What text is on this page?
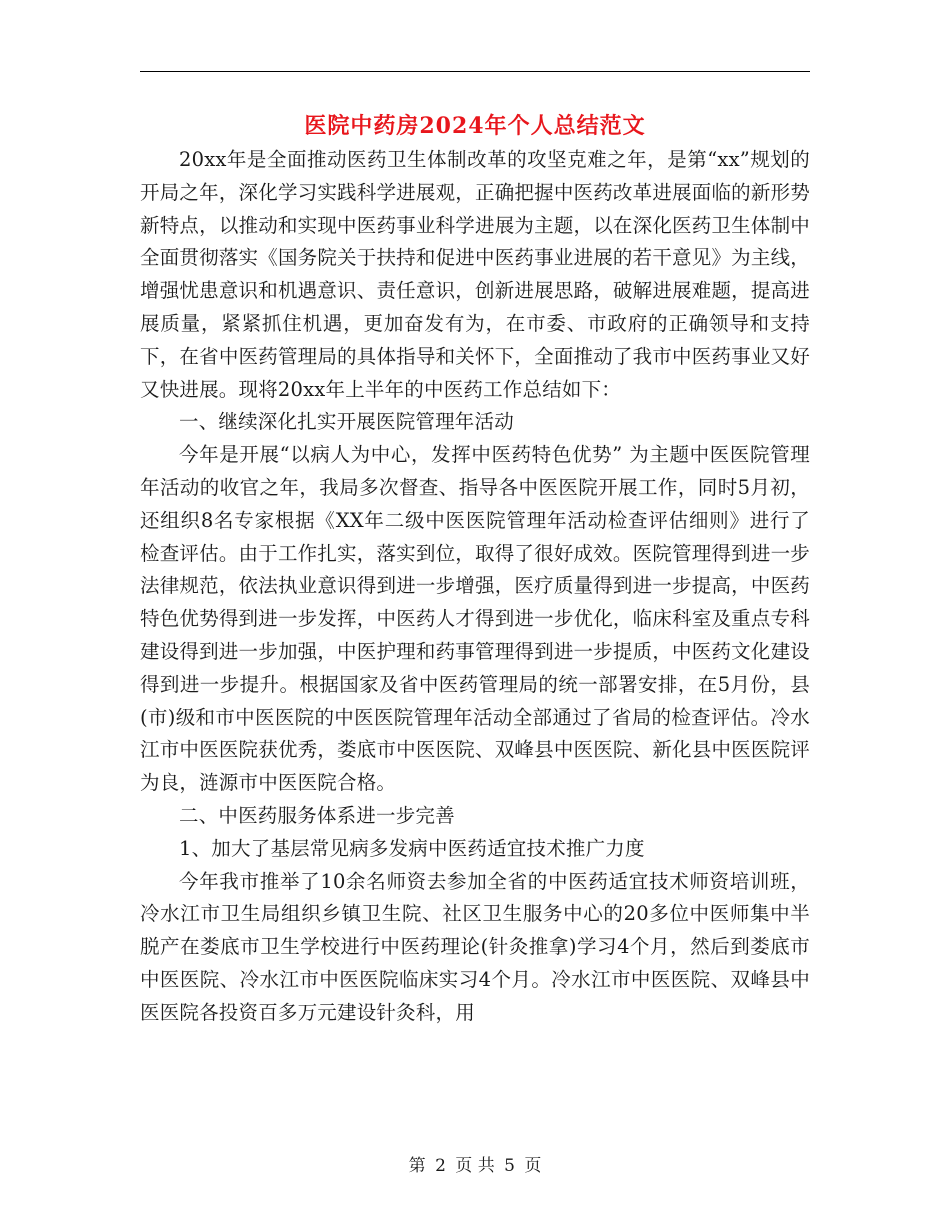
医院中药房2024年个人总结范文

20xx年是全面推动医药卫生体制改革的攻坚克难之年，是第“xx”规划的开局之年，深化学习实践科学进展观，正确把握中医药改革进展面临的新形势新特点，以推动和实现中医药事业科学进展为主题，以在深化医药卫生体制中全面贯彻落实《国务院关于扶持和促进中医药事业进展的若干意见》为主线，增强忧患意识和机遇意识、责任意识，创新进展思路，破解进展难题，提高进展质量，紧紧抓住机遇，更加奋发有为，在市委、市政府的正确领导和支持下，在省中医药管理局的具体指导和关怀下，全面推动了我市中医药事业又好又快进展。现将20xx年上半年的中医药工作总结如下：

一、继续深化扎实开展医院管理年活动

今年是开展“以病人为中心，发挥中医药特色优势” 为主题中医医院管理年活动的收官之年，我局多次督查、指导各中医医院开展工作，同时5月初，还组织8名专家根据《XX年二级中医医院管理年活动检查评估细则》进行了检查评估。由于工作扎实，落实到位，取得了很好成效。医院管理得到进一步法律规范，依法执业意识得到进一步增强，医疗质量得到进一步提高，中医药特色优势得到进一步发挥，中医药人才得到进一步优化，临床科室及重点专科建设得到进一步加强，中医护理和药事管理得到进一步提质，中医药文化建设得到进一步提升。根据国家及省中医药管理局的统一部署安排，在5月份，县(市)级和市中医医院的中医医院管理年活动全部通过了省局的检查评估。冷水江市中医医院获优秀，娄底市中医医院、双峰县中医医院、新化县中医医院评为良，涟源市中医医院合格。

二、中医药服务体系进一步完善

1、加大了基层常见病多发病中医药适宜技术推广力度

今年我市推举了10余名师资去参加全省的中医药适宜技术师资培训班，冷水江市卫生局组织乡镇卫生院、社区卫生服务中心的20多位中医师集中半脱产在娄底市卫生学校进行中医药理论(针灸推拿)学习4个月，然后到娄底市中医医院、冷水江市中医医院临床实习4个月。冷水江市中医医院、双峰县中医医院各投资百多万元建设针灸科，用

第 2 页 共 5 页
